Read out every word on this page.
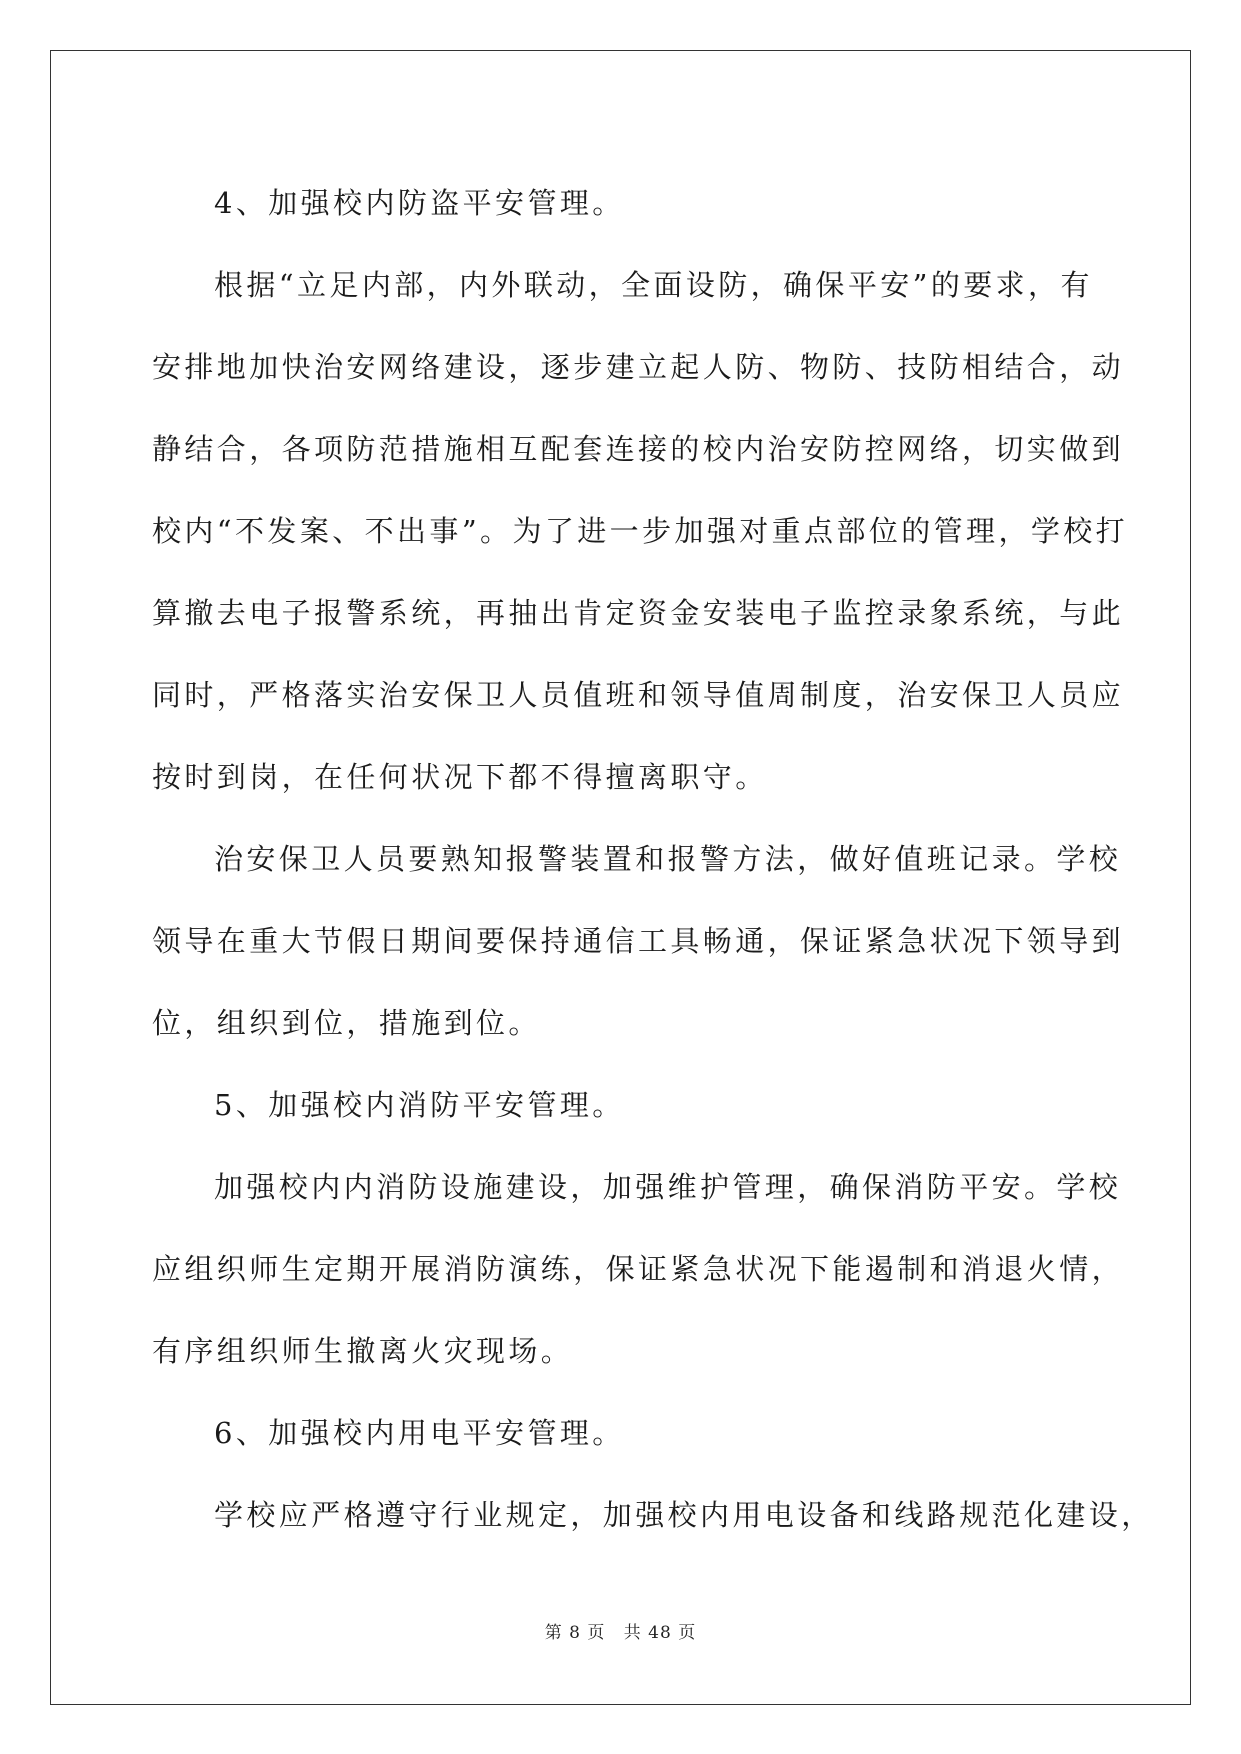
4、加强校内防盗平安管理。
根据“立足内部，内外联动，全面设防，确保平安”的要求，有
安排地加快治安网络建设，逐步建立起人防、物防、技防相结合，动
静结合，各项防范措施相互配套连接的校内治安防控网络，切实做到
校内“不发案、不出事”。为了进一步加强对重点部位的管理，学校打
算撤去电子报警系统，再抽出肯定资金安装电子监控录象系统，与此
同时，严格落实治安保卫人员值班和领导值周制度，治安保卫人员应
按时到岗，在任何状况下都不得擅离职守。
治安保卫人员要熟知报警装置和报警方法，做好值班记录。学校
领导在重大节假日期间要保持通信工具畅通，保证紧急状况下领导到
位，组织到位，措施到位。
5、加强校内消防平安管理。
加强校内内消防设施建设，加强维护管理，确保消防平安。学校
应组织师生定期开展消防演练，保证紧急状况下能遏制和消退火情，
有序组织师生撤离火灾现场。
6、加强校内用电平安管理。
学校应严格遵守行业规定，加强校内用电设备和线路规范化建设，
第 8 页 共 48 页
